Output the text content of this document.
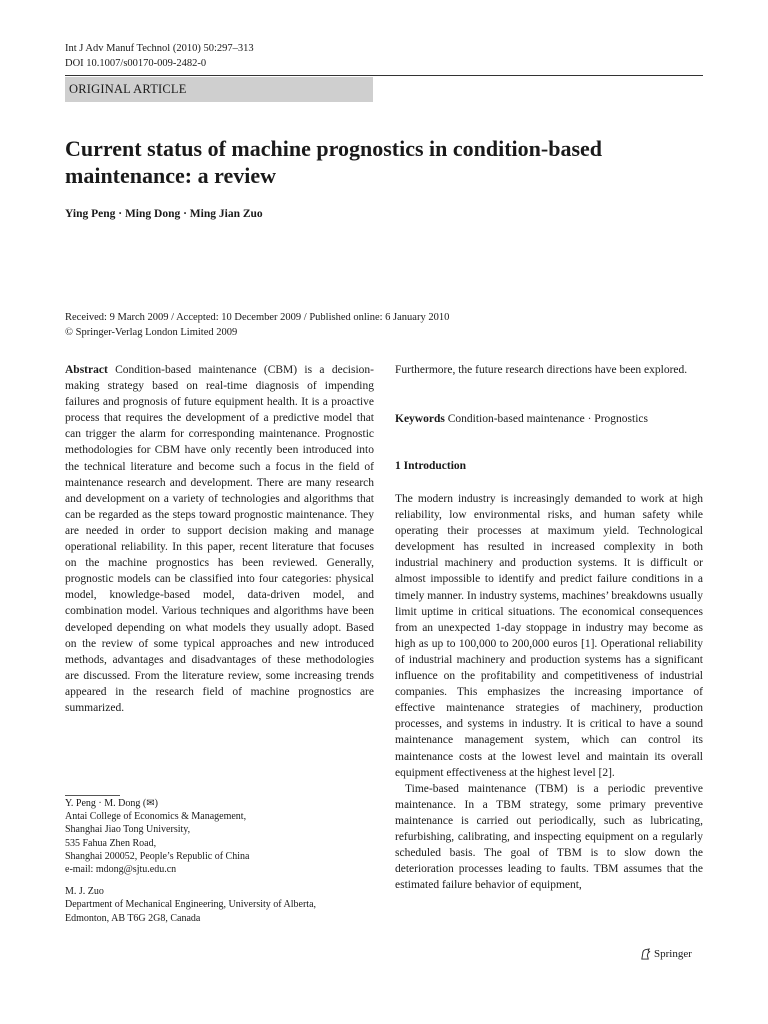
Int J Adv Manuf Technol (2010) 50:297–313
DOI 10.1007/s00170-009-2482-0
ORIGINAL ARTICLE
Current status of machine prognostics in condition-based maintenance: a review
Ying Peng · Ming Dong · Ming Jian Zuo
Received: 9 March 2009 / Accepted: 10 December 2009 / Published online: 6 January 2010
© Springer-Verlag London Limited 2009

Abstract Condition-based maintenance (CBM) is a decision-making strategy based on real-time diagnosis of impending failures and prognosis of future equipment health. It is a proactive process that requires the development of a predictive model that can trigger the alarm for corresponding maintenance. Prognostic methodologies for CBM have only recently been introduced into the technical literature and become such a focus in the field of maintenance research and development. There are many research and development on a variety of technologies and algorithms that can be regarded as the steps toward prognostic maintenance. They are needed in order to support decision making and manage operational reliability. In this paper, recent literature that focuses on the machine prognostics has been reviewed. Generally, prognostic models can be classified into four categories: physical model, knowledge-based model, data-driven model, and combination model. Various techniques and algorithms have been developed depending on what models they usually adopt. Based on the review of some typical approaches and new introduced methods, advantages and disadvantages of these methodologies are discussed. From the literature review, some increasing trends appeared in the research field of machine prognostics are summarized.

Y. Peng · M. Dong (✉)

Antai College of Economics & Management,

Shanghai Jiao Tong University,

535 Fahua Zhen Road,

Shanghai 200052, People’s Republic of China

e-mail: mdong@sjtu.edu.cn

M. J. Zuo

Department of Mechanical Engineering, University of Alberta,

Edmonton, AB T6G 2G8, Canada

Furthermore, the future research directions have been explored.
Keywords Condition-based maintenance · Prognostics
1 Introduction

The modern industry is increasingly demanded to work at high reliability, low environmental risks, and human safety while operating their processes at maximum yield. Technological development has resulted in increased complexity in both industrial machinery and production systems. It is difficult or almost impossible to identify and predict failure conditions in a timely manner. In industry systems, machines’ breakdowns usually limit uptime in critical situations. The economical consequences from an unexpected 1-day stoppage in industry may become as high as up to 100,000 to 200,000 euros [1]. Operational reliability of industrial machinery and production systems has a significant influence on the profitability and competitiveness of industrial companies. This emphasizes the increasing importance of effective maintenance strategies of machinery, production processes, and systems in industry. It is critical to have a sound maintenance management system, which can control its maintenance costs at the lowest level and maintain its overall equipment effectiveness at the highest level [2].

Time-based maintenance (TBM) is a periodic preventive maintenance. In a TBM strategy, some primary preventive maintenance is carried out periodically, such as lubricating, refurbishing, calibrating, and inspecting equipment on a regularly scheduled basis. The goal of TBM is to slow down the deterioration processes leading to faults. TBM assumes that the estimated failure behavior of equipment,

Springer
